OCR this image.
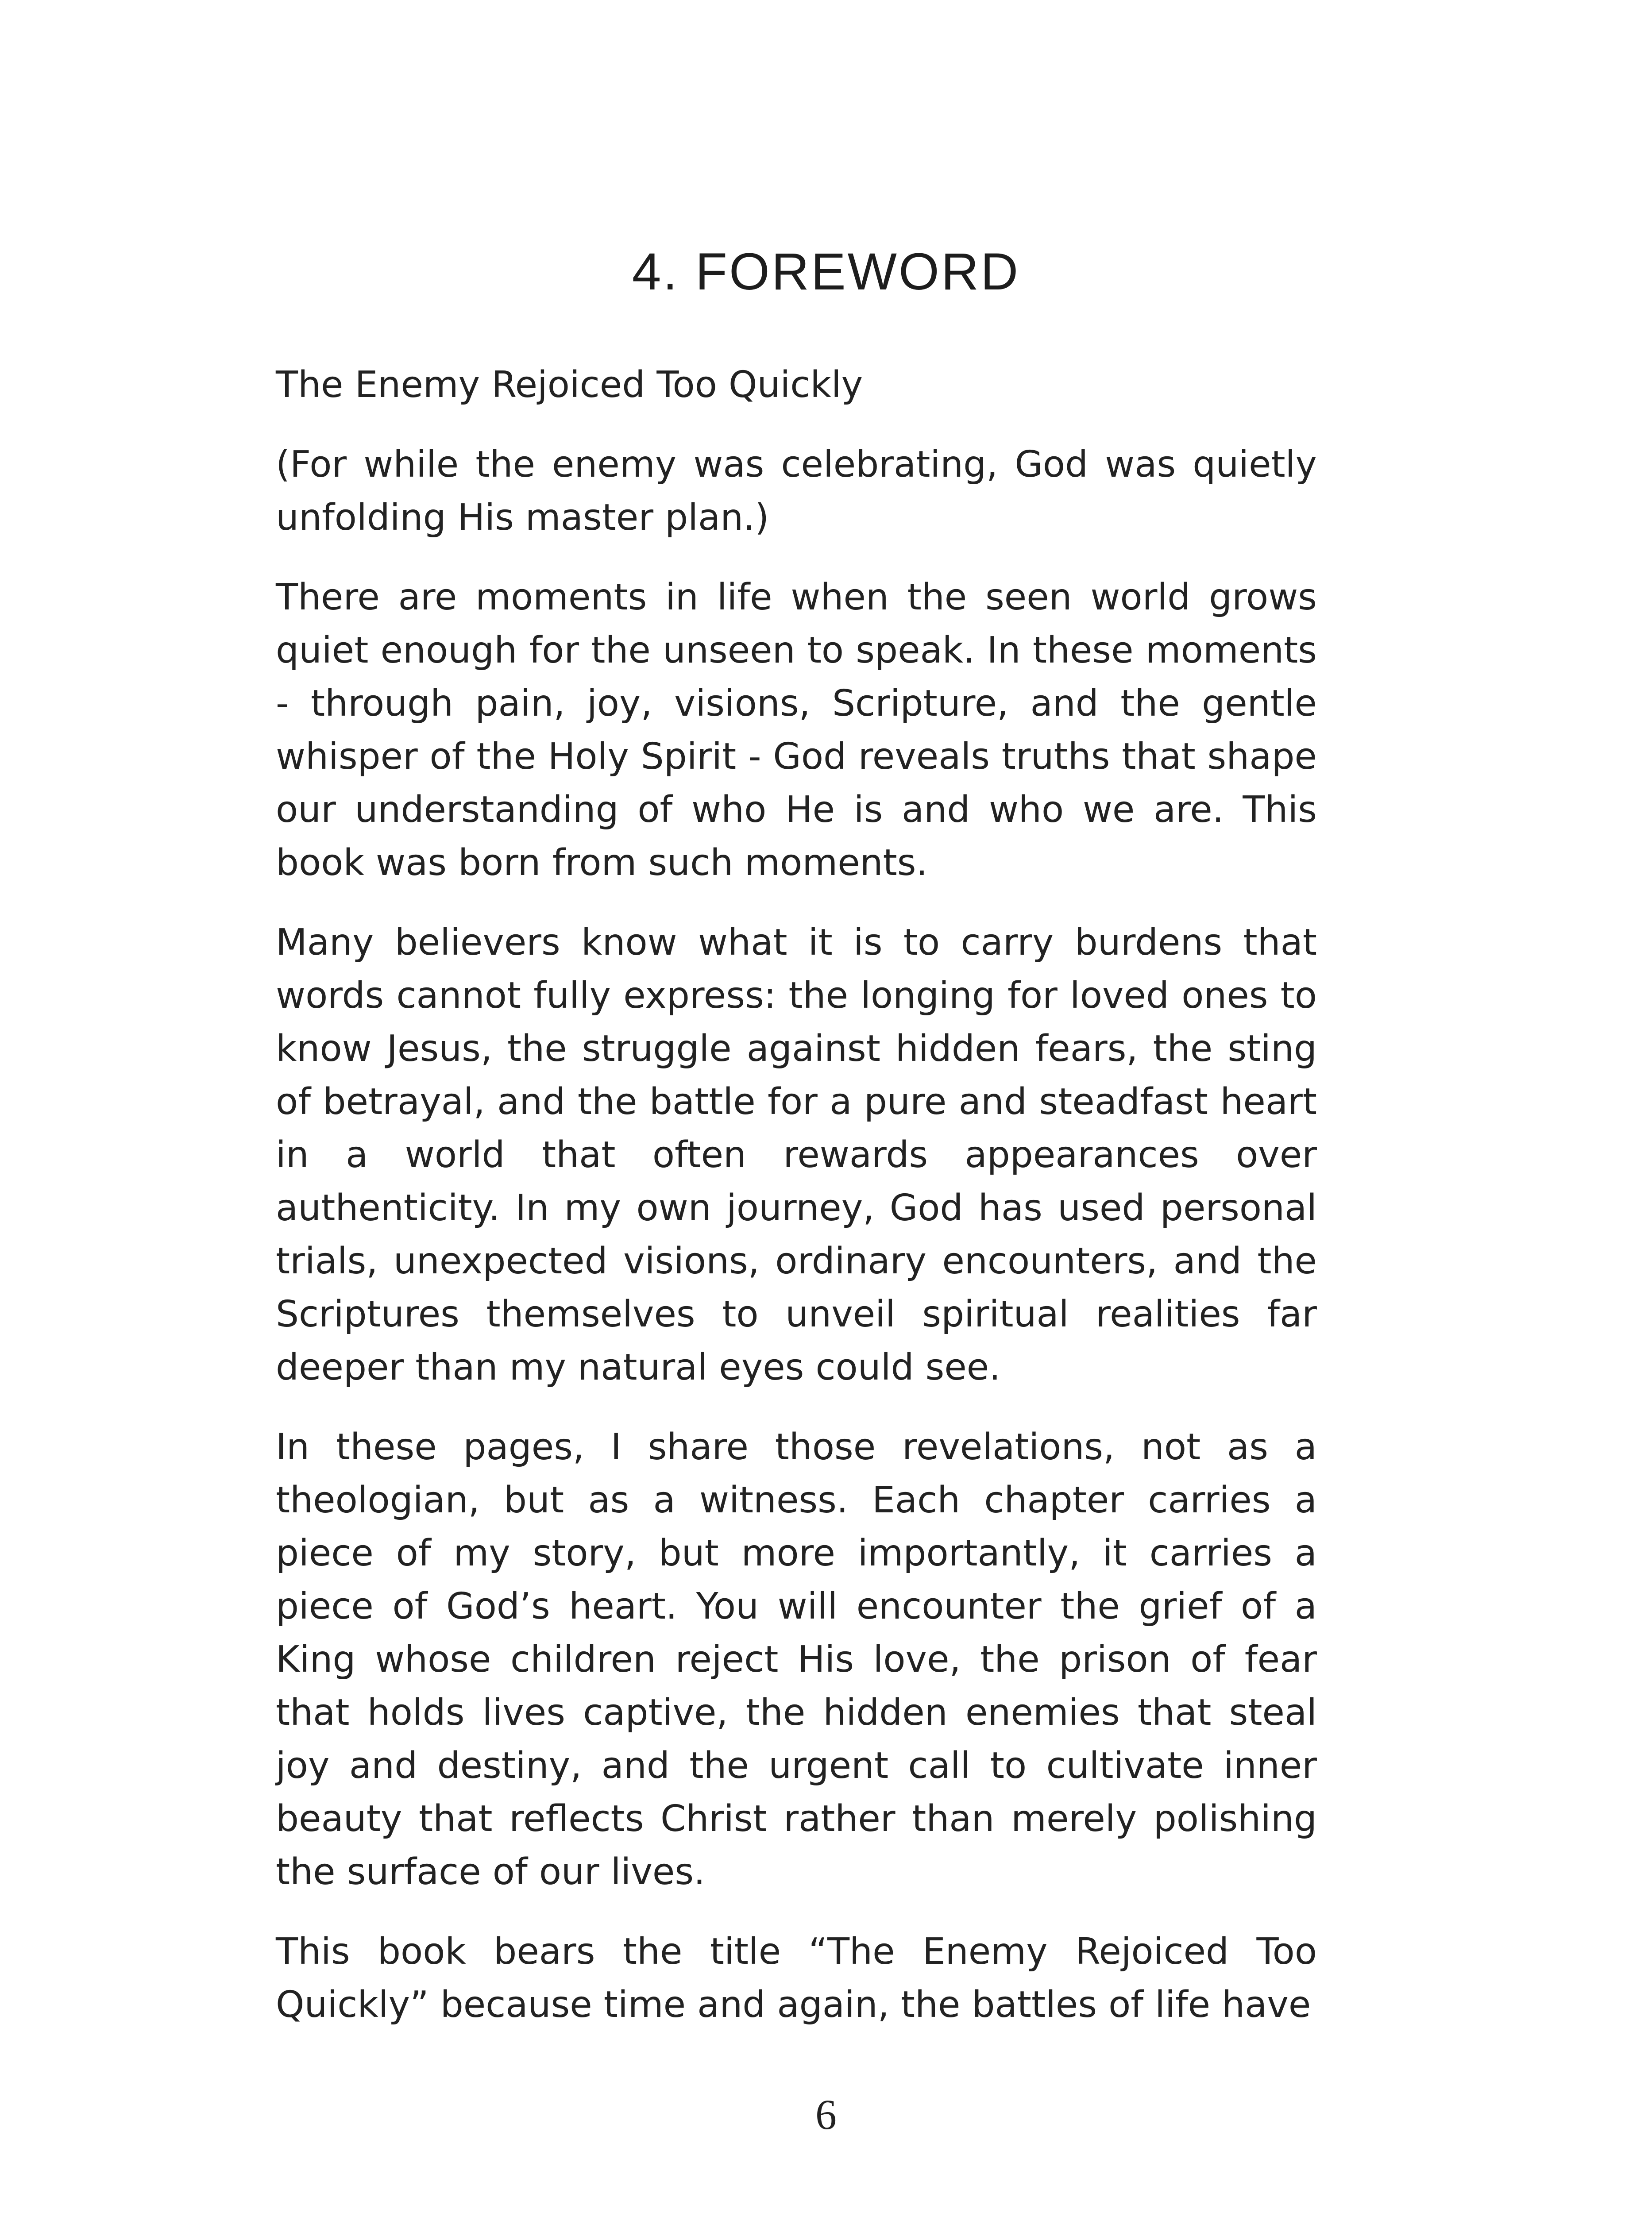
4. FOREWORD

The Enemy Rejoiced Too Quickly

(For while the enemy was celebrating, God was quietly unfolding His master plan.)

There are moments in life when the seen world grows quiet enough for the unseen to speak. In these moments - through pain, joy, visions, Scripture, and the gentle whisper of the Holy Spirit - God reveals truths that shape our understanding of who He is and who we are. This book was born from such moments.

Many believers know what it is to carry burdens that words cannot fully express: the longing for loved ones to know Jesus, the struggle against hidden fears, the sting of betrayal, and the battle for a pure and steadfast heart in a world that often rewards appearances over authenticity. In my own journey, God has used personal trials, unexpected visions, ordinary encounters, and the Scriptures themselves to unveil spiritual realities far deeper than my natural eyes could see.

In these pages, I share those revelations, not as a theologian, but as a witness. Each chapter carries a piece of my story, but more importantly, it carries a piece of God’s heart. You will encounter the grief of a King whose children reject His love, the prison of fear that holds lives captive, the hidden enemies that steal joy and destiny, and the urgent call to cultivate inner beauty that reflects Christ rather than merely polishing the surface of our lives.

This book bears the title “The Enemy Rejoiced Too Quickly” because time and again, the battles of life have

6
